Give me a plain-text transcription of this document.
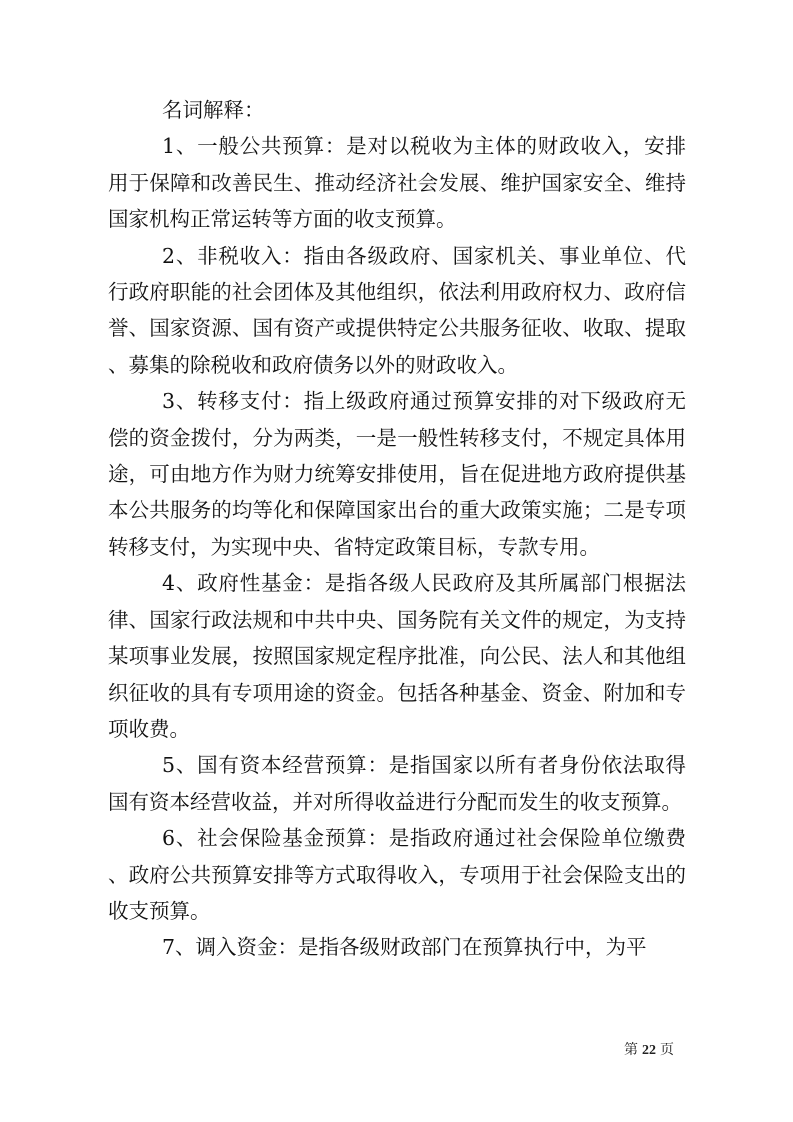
名词解释：

1、一般公共预算：是对以税收为主体的财政收入，安排用于保障和改善民生、推动经济社会发展、维护国家安全、维持国家机构正常运转等方面的收支预算。

2、非税收入：指由各级政府、国家机关、事业单位、代行政府职能的社会团体及其他组织，依法利用政府权力、政府信誉、国家资源、国有资产或提供特定公共服务征收、收取、提取、募集的除税收和政府债务以外的财政收入。

3、转移支付：指上级政府通过预算安排的对下级政府无偿的资金拨付，分为两类，一是一般性转移支付，不规定具体用途，可由地方作为财力统筹安排使用，旨在促进地方政府提供基本公共服务的均等化和保障国家出台的重大政策实施；二是专项转移支付，为实现中央、省特定政策目标，专款专用。

4、政府性基金：是指各级人民政府及其所属部门根据法律、国家行政法规和中共中央、国务院有关文件的规定，为支持某项事业发展，按照国家规定程序批准，向公民、法人和其他组织征收的具有专项用途的资金。包括各种基金、资金、附加和专项收费。

5、国有资本经营预算：是指国家以所有者身份依法取得国有资本经营收益，并对所得收益进行分配而发生的收支预算。

6、社会保险基金预算：是指政府通过社会保险单位缴费、政府公共预算安排等方式取得收入，专项用于社会保险支出的收支预算。

7、调入资金：是指各级财政部门在预算执行中，为平

第 22 页
